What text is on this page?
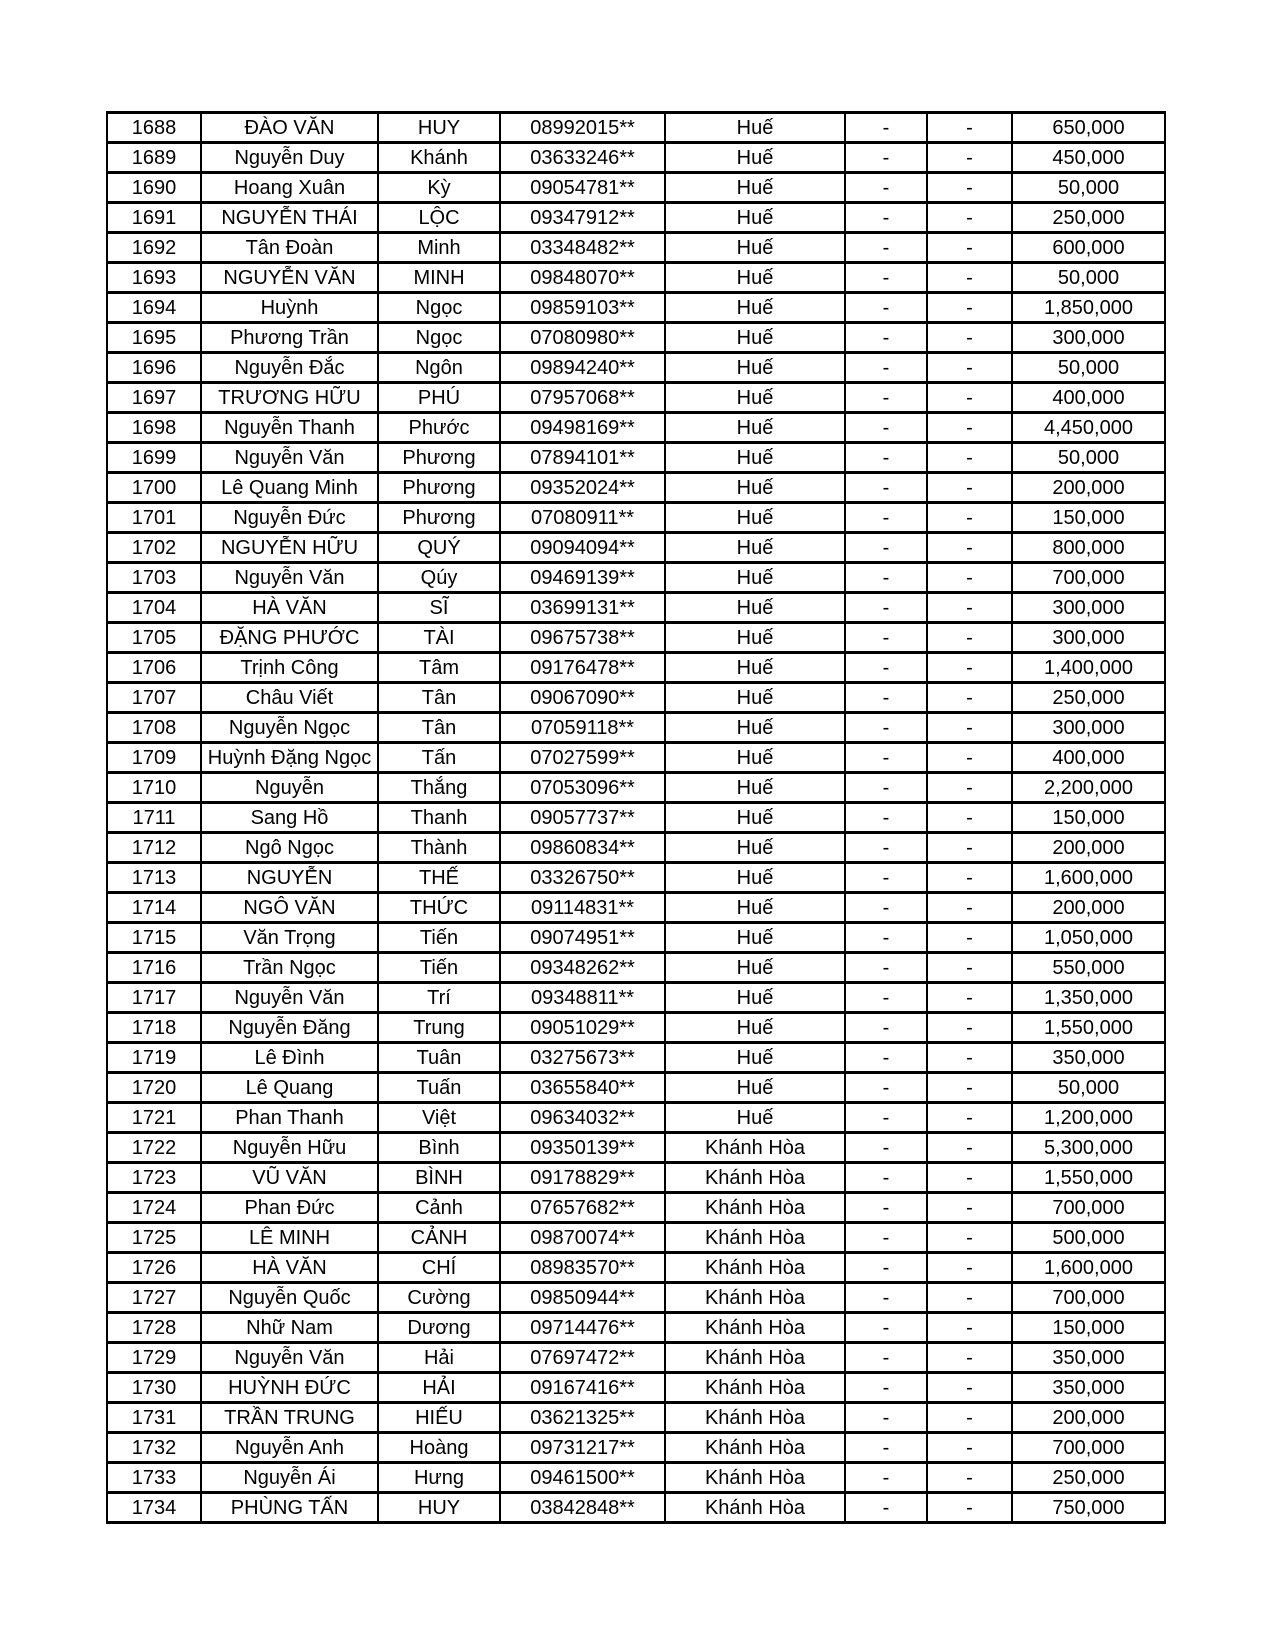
1688	ĐÀO VĂN	HUY	08992015**	Huế	-	-	650,000
1689	Nguyễn Duy	Khánh	03633246**	Huế	-	-	450,000
1690	Hoang Xuân	Kỳ	09054781**	Huế	-	-	50,000
1691	NGUYỄN THÁI	LỘC	09347912**	Huế	-	-	250,000
1692	Tân Đoàn	Minh	03348482**	Huế	-	-	600,000
1693	NGUYỄN VĂN	MINH	09848070**	Huế	-	-	50,000
1694	Huỳnh	Ngọc	09859103**	Huế	-	-	1,850,000
1695	Phương Trần	Ngọc	07080980**	Huế	-	-	300,000
1696	Nguyễn Đắc	Ngôn	09894240**	Huế	-	-	50,000
1697	TRƯƠNG HỮU	PHÚ	07957068**	Huế	-	-	400,000
1698	Nguyễn Thanh	Phước	09498169**	Huế	-	-	4,450,000
1699	Nguyễn Văn	Phương	07894101**	Huế	-	-	50,000
1700	Lê Quang Minh	Phương	09352024**	Huế	-	-	200,000
1701	Nguyễn Đức	Phương	07080911**	Huế	-	-	150,000
1702	NGUYỄN HỮU	QUÝ	09094094**	Huế	-	-	800,000
1703	Nguyễn Văn	Qúy	09469139**	Huế	-	-	700,000
1704	HÀ VĂN	SĨ	03699131**	Huế	-	-	300,000
1705	ĐẶNG PHƯỚC	TÀI	09675738**	Huế	-	-	300,000
1706	Trịnh Công	Tâm	09176478**	Huế	-	-	1,400,000
1707	Châu Viết	Tân	09067090**	Huế	-	-	250,000
1708	Nguyễn Ngọc	Tân	07059118**	Huế	-	-	300,000
1709	Huỳnh Đặng Ngọc	Tấn	07027599**	Huế	-	-	400,000
1710	Nguyễn	Thắng	07053096**	Huế	-	-	2,200,000
1711	Sang Hồ	Thanh	09057737**	Huế	-	-	150,000
1712	Ngô Ngọc	Thành	09860834**	Huế	-	-	200,000
1713	NGUYỄN	THẾ	03326750**	Huế	-	-	1,600,000
1714	NGÔ VĂN	THỨC	09114831**	Huế	-	-	200,000
1715	Văn Trọng	Tiến	09074951**	Huế	-	-	1,050,000
1716	Trần Ngọc	Tiến	09348262**	Huế	-	-	550,000
1717	Nguyễn Văn	Trí	09348811**	Huế	-	-	1,350,000
1718	Nguyễn Đăng	Trung	09051029**	Huế	-	-	1,550,000
1719	Lê Đình	Tuân	03275673**	Huế	-	-	350,000
1720	Lê Quang	Tuấn	03655840**	Huế	-	-	50,000
1721	Phan Thanh	Việt	09634032**	Huế	-	-	1,200,000
1722	Nguyễn Hữu	Bình	09350139**	Khánh Hòa	-	-	5,300,000
1723	VŨ VĂN	BÌNH	09178829**	Khánh Hòa	-	-	1,550,000
1724	Phan Đức	Cảnh	07657682**	Khánh Hòa	-	-	700,000
1725	LÊ MINH	CẢNH	09870074**	Khánh Hòa	-	-	500,000
1726	HÀ VĂN	CHÍ	08983570**	Khánh Hòa	-	-	1,600,000
1727	Nguyễn Quốc	Cường	09850944**	Khánh Hòa	-	-	700,000
1728	Nhữ Nam	Dương	09714476**	Khánh Hòa	-	-	150,000
1729	Nguyễn Văn	Hải	07697472**	Khánh Hòa	-	-	350,000
1730	HUỲNH ĐỨC	HẢI	09167416**	Khánh Hòa	-	-	350,000
1731	TRẦN TRUNG	HIẾU	03621325**	Khánh Hòa	-	-	200,000
1732	Nguyễn Anh	Hoàng	09731217**	Khánh Hòa	-	-	700,000
1733	Nguyễn Ái	Hưng	09461500**	Khánh Hòa	-	-	250,000
1734	PHÙNG TẤN	HUY	03842848**	Khánh Hòa	-	-	750,000
